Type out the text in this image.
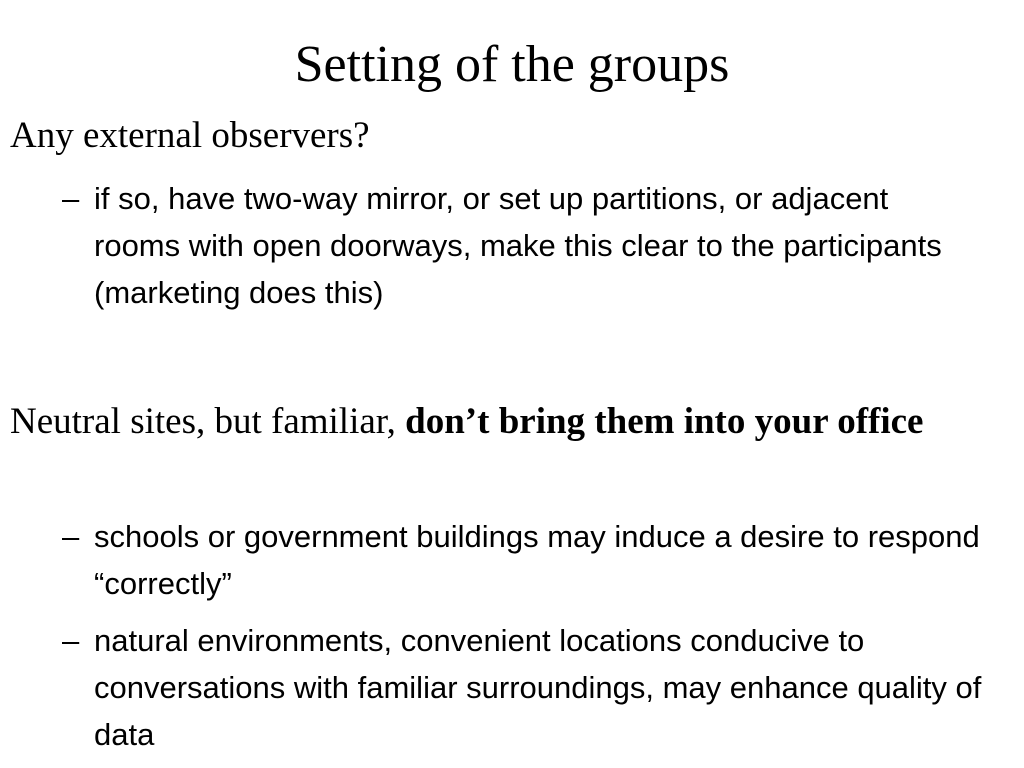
Setting of the groups

Any external observers?

– if so, have two-way mirror, or set up partitions, or adjacent rooms with open doorways, make this clear to the participants (marketing does this)

Neutral sites, but familiar, don’t bring them into your office

– schools or government buildings may induce a desire to respond “correctly”

– natural environments, convenient locations conducive to conversations with familiar surroundings, may enhance quality of data
